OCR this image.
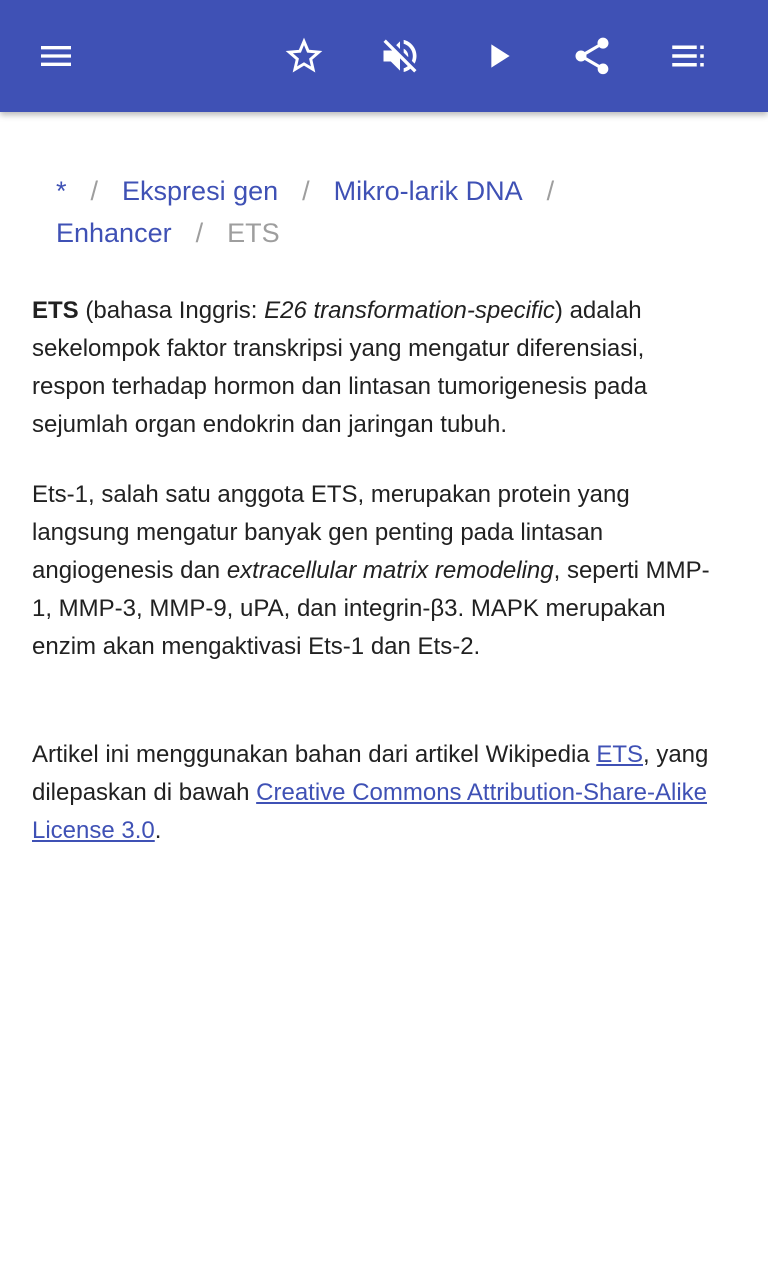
* / Ekspresi gen / Mikro-larik DNA /
Enhancer / ETS

ETS (bahasa Inggris: E26 transformation-specific) adalah sekelompok faktor transkripsi yang mengatur diferensiasi, respon terhadap hormon dan lintasan tumorigenesis pada sejumlah organ endokrin dan jaringan tubuh.

Ets-1, salah satu anggota ETS, merupakan protein yang langsung mengatur banyak gen penting pada lintasan angiogenesis dan extracellular matrix remodeling, seperti MMP-1, MMP-3, MMP-9, uPA, dan integrin-β3. MAPK merupakan enzim akan mengaktivasi Ets-1 dan Ets-2.

Artikel ini menggunakan bahan dari artikel Wikipedia ETS, yang dilepaskan di bawah Creative Commons Attribution-Share-Alike License 3.0.
